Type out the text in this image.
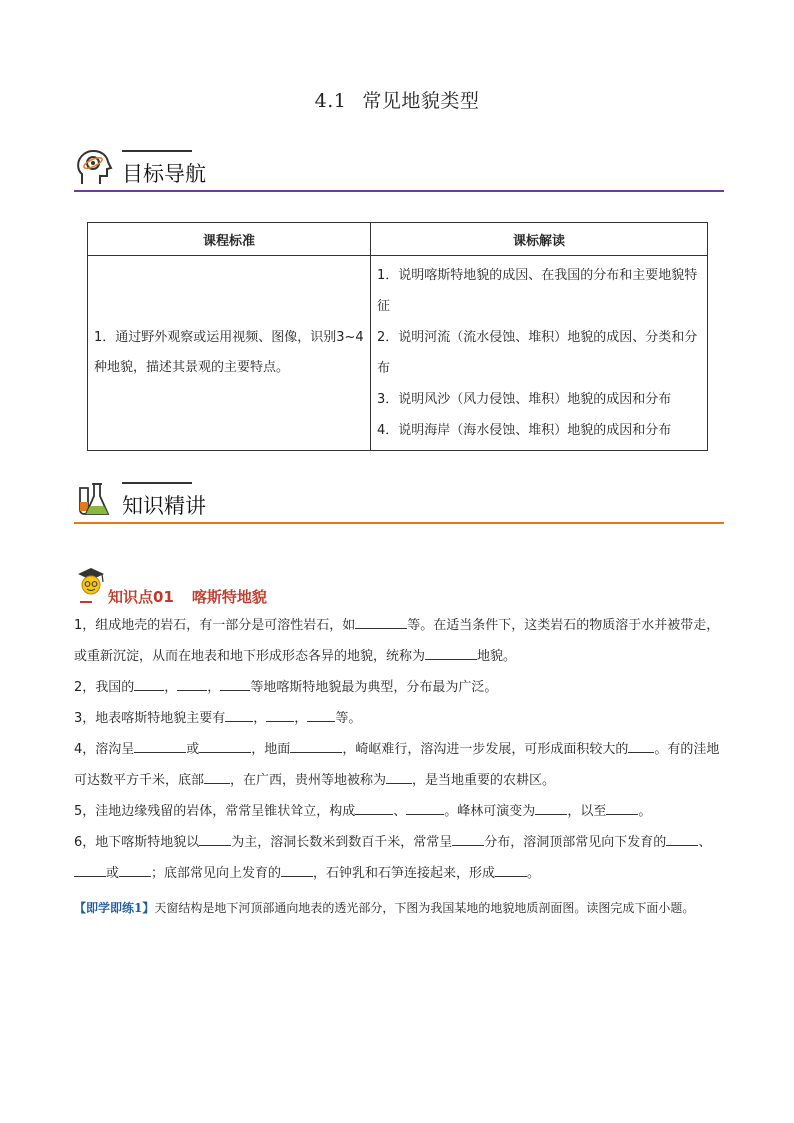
4.1 常见地貌类型
目标导航
课程标准	课标解读
1．通过野外观察或运用视频、图像，识别3~4 种地貌，描述其景观的主要特点。	1．说明喀斯特地貌的成因、在我国的分布和主要地貌特征
2．说明河流（流水侵蚀、堆积）地貌的成因、分类和分布
3．说明风沙（风力侵蚀、堆积）地貌的成因和分布
4．说明海岸（海水侵蚀、堆积）地貌的成因和分布
知识精讲
知识点01 喀斯特地貌
1，组成地壳的岩石，有一部分是可溶性岩石，如	等。在适当条件下，这类岩石的物质溶于水并被带走，或重新沉淀，从而在地表和地下形成形态各异的地貌，统称为	地貌。
2，我国的 ， ， 等地喀斯特地貌最为典型，分布最为广泛。
3，地表喀斯特地貌主要有 ， ， 等。
4，溶沟呈	或	，地面	，崎岖难行，溶沟进一步发展，可形成面积较大的 。有的洼地可达数平方千米，底部 ，在广西，贵州等地被称为 ，是当地重要的农耕区。
5，洼地边缘残留的岩体，常常呈锥状耸立，构成	、	。峰林可演变为 ，以至 。
6，地下喀斯特地貌以 为主，溶洞长数米到数百千米，常常呈 分布，溶洞顶部常见向下发育的 、或 ；底部常见向上发育的 ，石钟乳和石笋连接起来，形成 。
【即学即练1】天窗结构是地下河顶部通向地表的透光部分，下图为我国某地的地貌地质剖面图。读图完成下面小题。
